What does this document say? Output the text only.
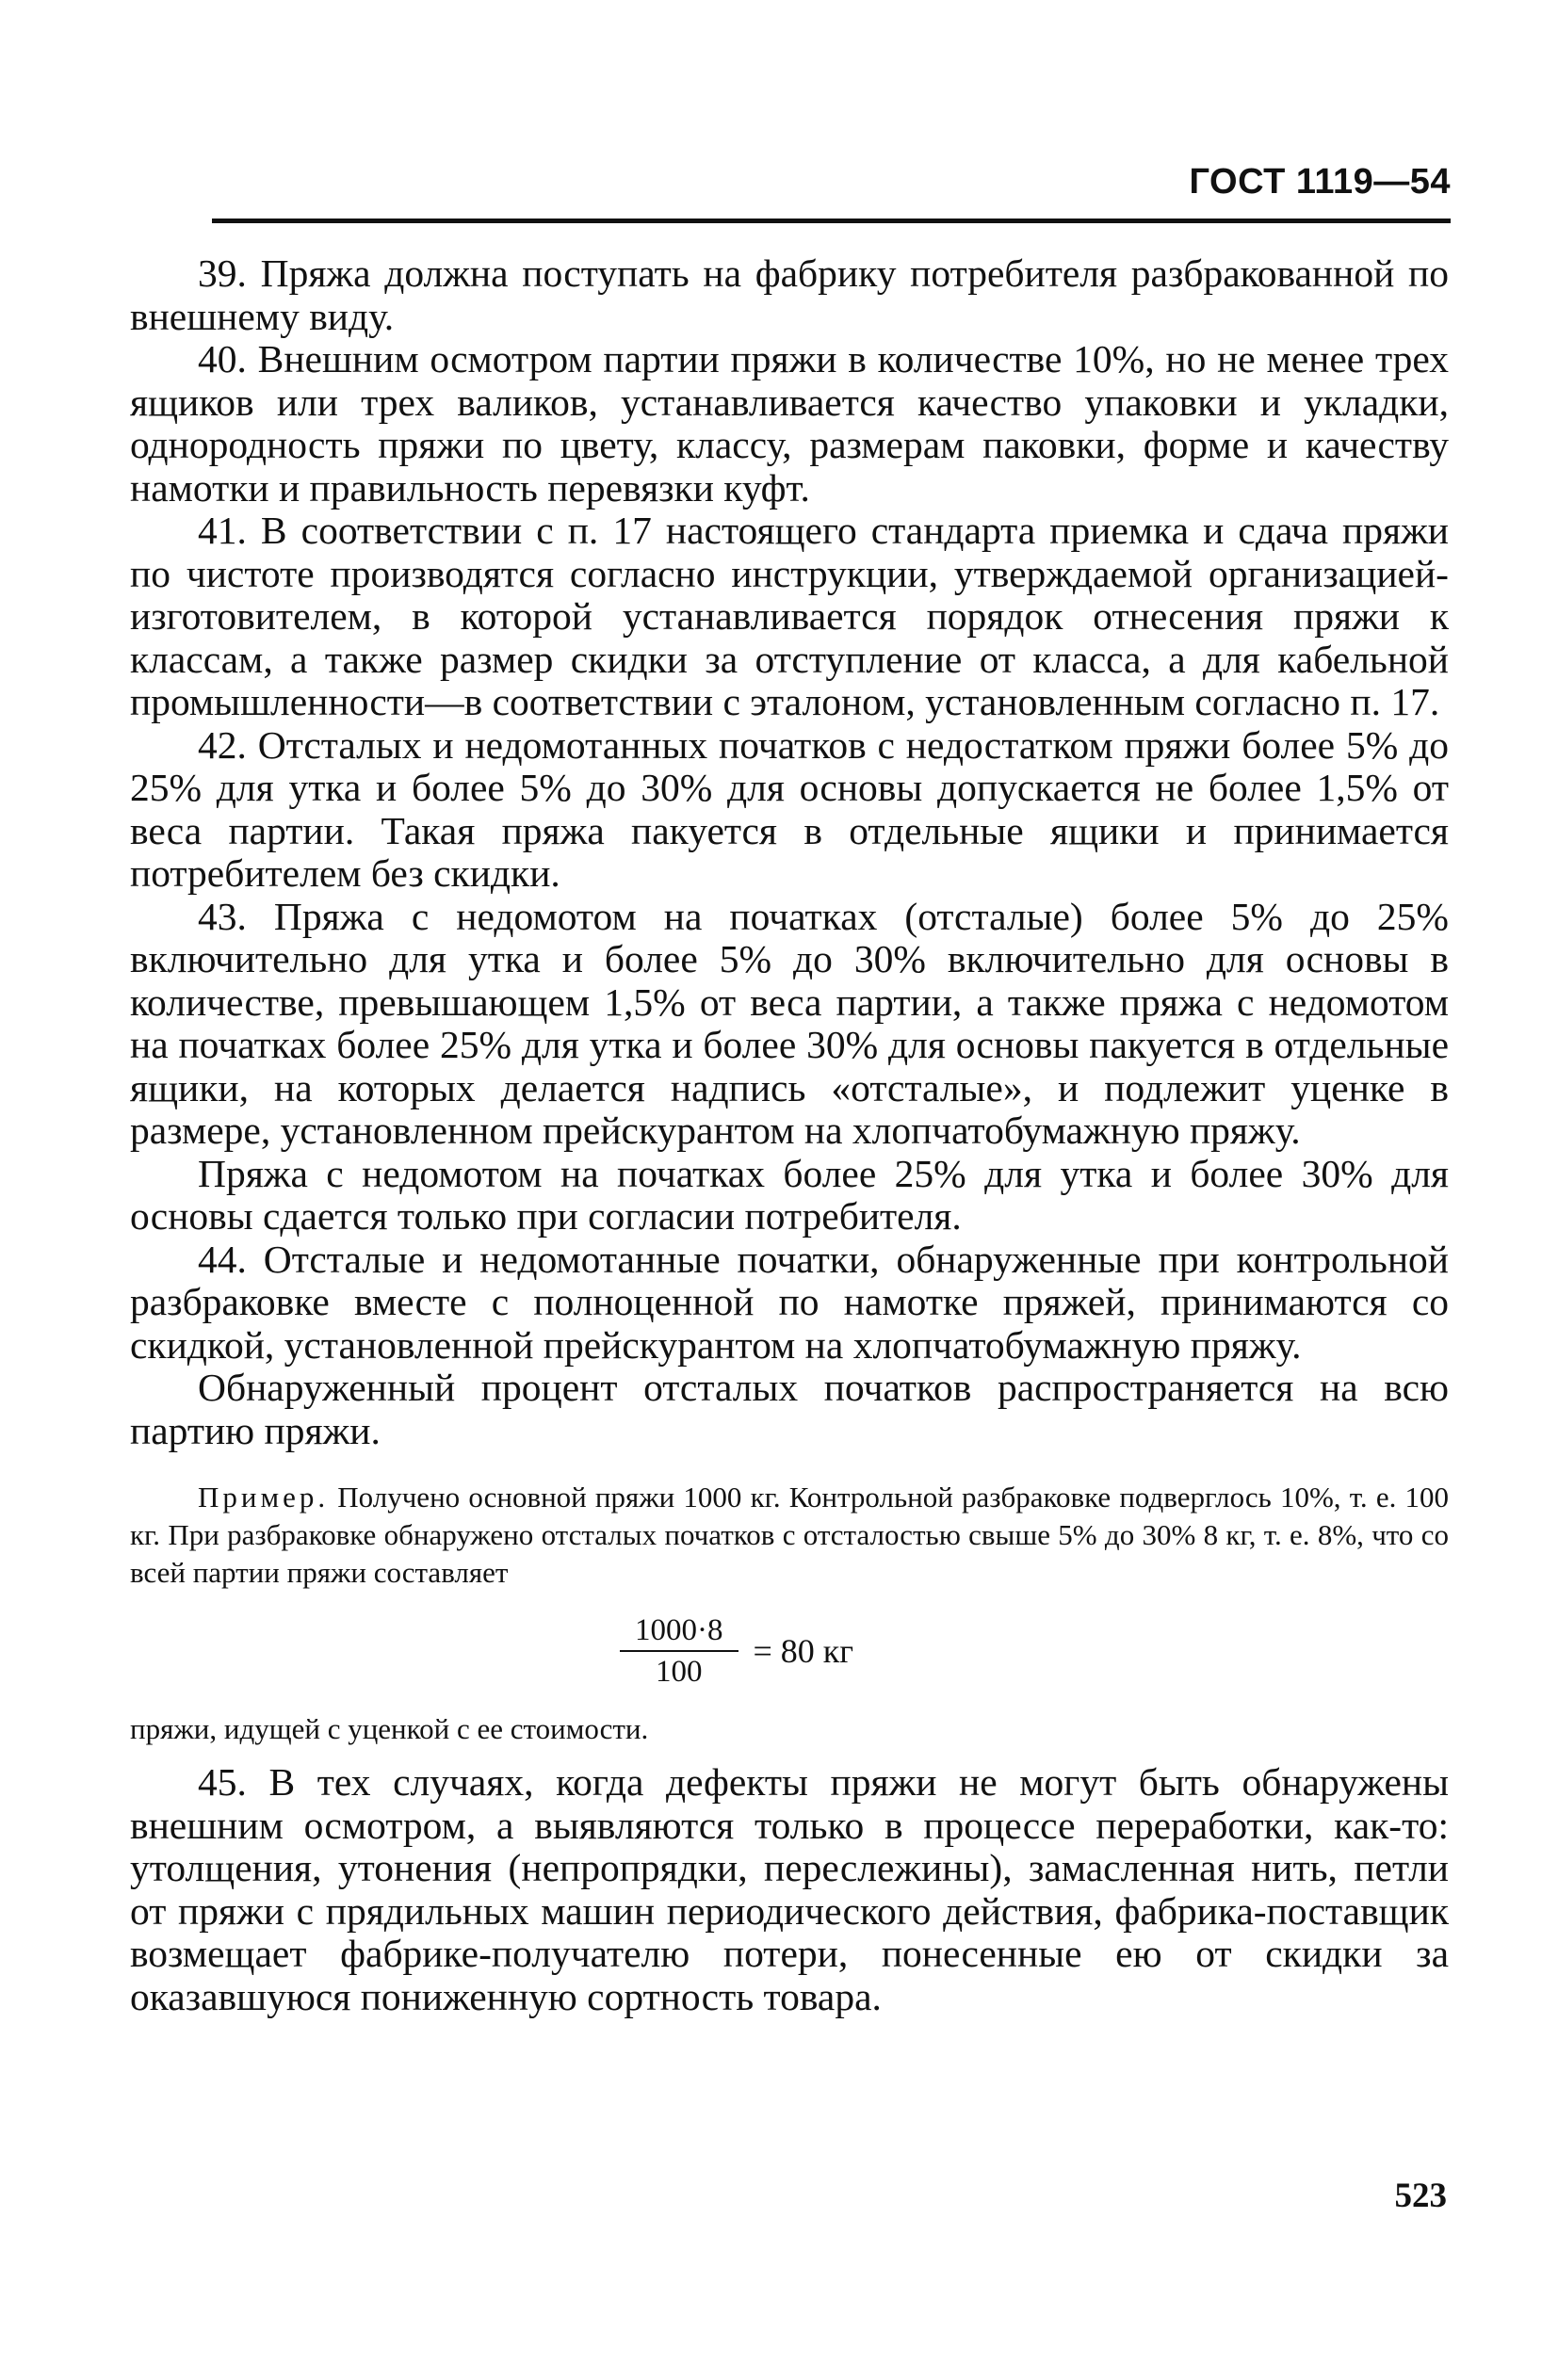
ГОСТ 1119—54

39. Пряжа должна поступать на фабрику потребителя разбракованной по внешнему виду.

40. Внешним осмотром партии пряжи в количестве 10%, но не менее трех ящиков или трех валиков, устанавливается качество упаковки и укладки, однородность пряжи по цвету, классу, размерам паковки, форме и качеству намотки и правильность перевязки куфт.

41. В соответствии с п. 17 настоящего стандарта приемка и сдача пряжи по чистоте производятся согласно инструкции, утверждаемой организацией-изготовителем, в которой устанавливается порядок отнесения пряжи к классам, а также размер скидки за отступление от класса, а для кабельной промышленности—в соответствии с эталоном, установленным согласно п. 17.

42. Отсталых и недомотанных початков с недостатком пряжи более 5% до 25% для утка и более 5% до 30% для основы допускается не более 1,5% от веса партии. Такая пряжа пакуется в отдельные ящики и принимается потребителем без скидки.

43. Пряжа с недомотом на початках (отсталые) более 5% до 25% включительно для утка и более 5% до 30% включительно для основы в количестве, превышающем 1,5% от веса партии, а также пряжа с недомотом на початках более 25% для утка и более 30% для основы пакуется в отдельные ящики, на которых делается надпись «отсталые», и подлежит уценке в размере, установленном прейскурантом на хлопчатобумажную пряжу.

Пряжа с недомотом на початках более 25% для утка и более 30% для основы сдается только при согласии потребителя.

44. Отсталые и недомотанные початки, обнаруженные при контрольной разбраковке вместе с полноценной по намотке пряжей, принимаются со скидкой, установленной прейскурантом на хлопчатобумажную пряжу.

Обнаруженный процент отсталых початков распространяется на всю партию пряжи.

Пример. Получено основной пряжи 1000 кг. Контрольной разбраковке подверглось 10%, т. е. 100 кг. При разбраковке обнаружено отсталых початков с отсталостью свыше 5% до 30% 8 кг, т. е. 8%, что со всей партии пряжи составляет

$\frac{1000\cdot 8}{100} = 80$ кг

пряжи, идущей с уценкой с ее стоимости.

45. В тех случаях, когда дефекты пряжи не могут быть обнаружены внешним осмотром, а выявляются только в процессе переработки, как-то: утолщения, утонения (непропрядки, переслежины), замасленная нить, петли от пряжи с прядильных машин периодического действия, фабрика-поставщик возмещает фабрике-получателю потери, понесенные ею от скидки за оказавшуюся пониженную сортность товара.

523
